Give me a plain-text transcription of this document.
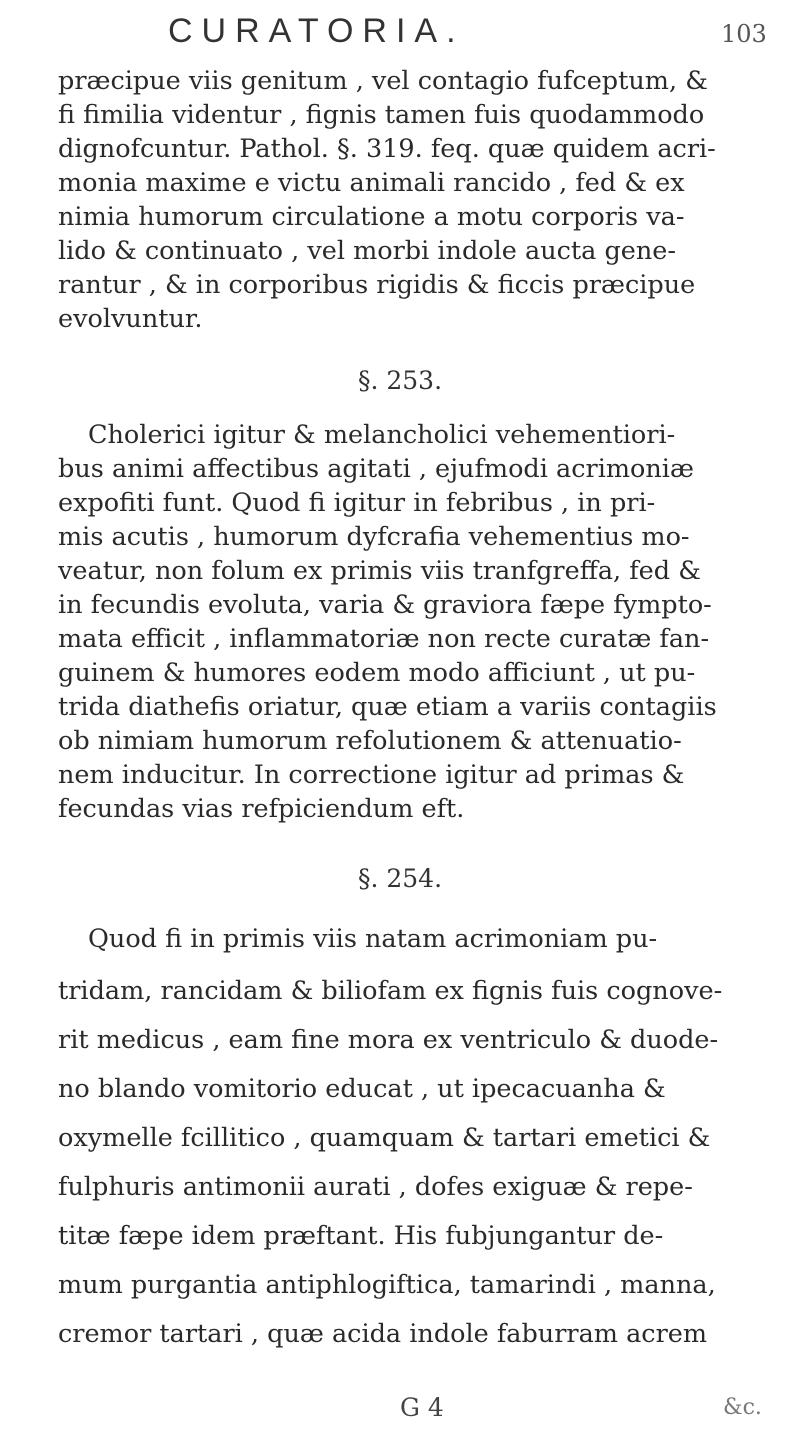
CURATORIA.	103
præcipue viis genitum , vel contagio fufceptum, &
fi fimilia videntur , fignis tamen fuis quodammodo
dignofcuntur. Pathol. §. 319. feq. quæ quidem acri-
monia maxime e victu animali rancido , fed & ex
nimia humorum circulatione a motu corporis va-
lido & continuato , vel morbi indole aucta gene-
rantur , & in corporibus rigidis & ficcis præcipue
evolvuntur.
§. 253.
Cholerici igitur & melancholici vehementiori-
bus animi affectibus agitati , ejufmodi acrimoniæ
expofiti funt. Quod fi igitur in febribus , in pri-
mis acutis , humorum dyfcrafia vehementius mo-
veatur, non folum ex primis viis tranfgreffa, fed &
in fecundis evoluta, varia & graviora fæpe fympto-
mata efficit , inflammatoriæ non recte curatæ fan-
guinem & humores eodem modo afficiunt , ut pu-
trida diathefis oriatur, quæ etiam a variis contagiis
ob nimiam humorum refolutionem & attenuatio-
nem inducitur. In correctione igitur ad primas &
fecundas vias refpiciendum eft.
§. 254.
Quod fi in primis viis natam acrimoniam pu-
tridam, rancidam & biliofam ex fignis fuis cognove-
rit medicus , eam fine mora ex ventriculo & duode-
no blando vomitorio educat , ut ipecacuanha &
oxymelle fcillitico , quamquam & tartari emetici &
fulphuris antimonii aurati , dofes exiguæ & repe-
titæ fæpe idem præftant. His fubjungantur de-
mum purgantia antiphlogiftica, tamarindi , manna,
cremor tartari , quæ acida indole faburram acrem
G 4	&c.
